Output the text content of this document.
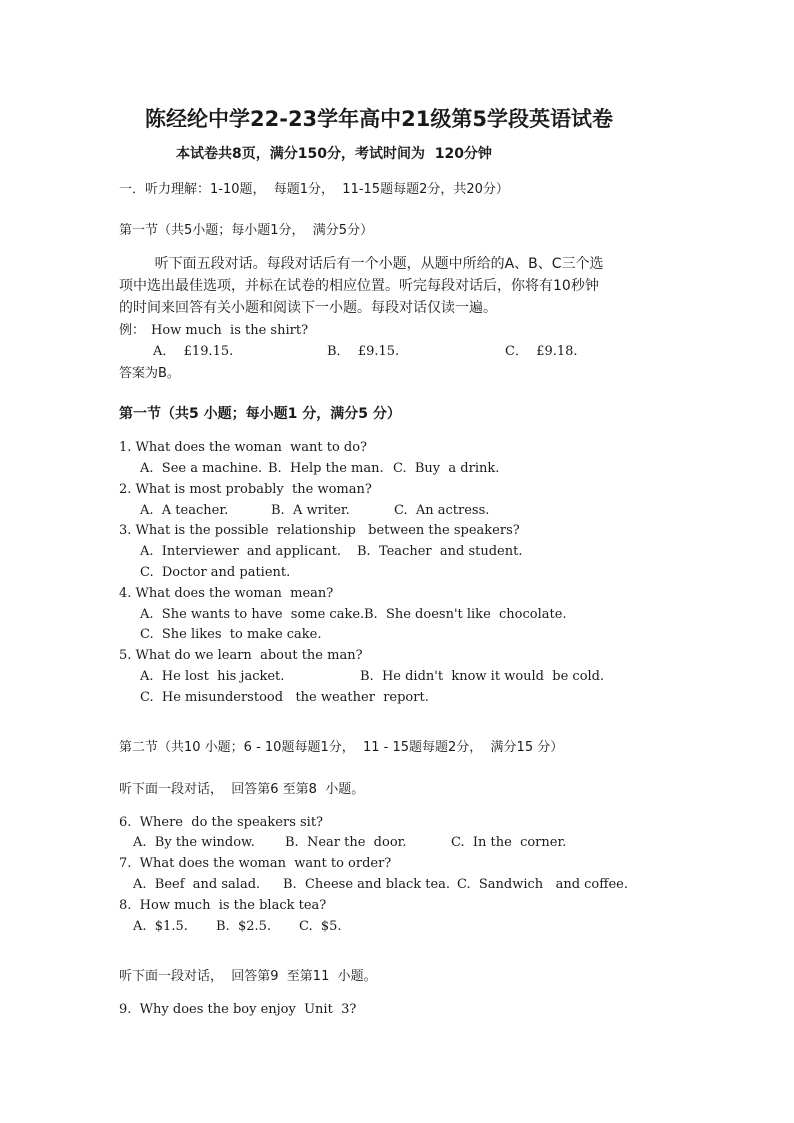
陈经纶中学22-23学年高中21级第5学段英语试卷
本试卷共8页，满分150分，考试时间为  120分钟
一．听力理解：1-10题，  每题1分，  11-15题每题2分，共20分）
第一节（共5小题；每小题1分，  满分5分）
听下面五段对话。每段对话后有一个小题，从题中所给的A、B、C三个选
项中选出最佳选项，并标在试卷的相应位置。听完每段对话后，你将有10秒钟
的时间来回答有关小题和阅读下一小题。每段对话仅读一遍。
例： How much  is the shirt?
A．  £19.15.	B．  £9.15.	C．  £9.18.
答案为B。
第一节（共5 小题；每小题1 分，满分5 分）
1. What does the woman  want to do?
A.  See a machine. B.  Help the man. C.  Buy  a drink.
2. What is most probably  the woman?
A.  A teacher.	B.  A writer.	C.  An actress.
3. What is the possible  relationship   between the speakers?
A.  Interviewer  and applicant. B.  Teacher  and student.
C.  Doctor and patient.
4. What does the woman  mean?
A.  She wants to have  some cake. B.  She doesn't like  chocolate.
C.  She likes  to make cake.
5. What do we learn  about the man?
A.  He lost  his jacket.	B.  He didn't  know it would  be cold.
C.  He misunderstood   the weather  report.
第二节（共10 小题；6 - 10题每题1分，  11 - 15题每题2分，  满分15 分）
听下面一段对话，  回答第6 至第8  小题。
6.  Where  do the speakers sit?
A.  By the window. B.  Near the  door.	C.  In the  corner.
7.  What does the woman  want to order?
A.  Beef  and salad. B.  Cheese and black tea. C.  Sandwich   and coffee.
8.  How much  is the black tea?
A.  $1.5. B.  $2.5. C.  $5.
听下面一段对话，  回答第9  至第11  小题。
9.  Why does the boy enjoy  Unit  3?
